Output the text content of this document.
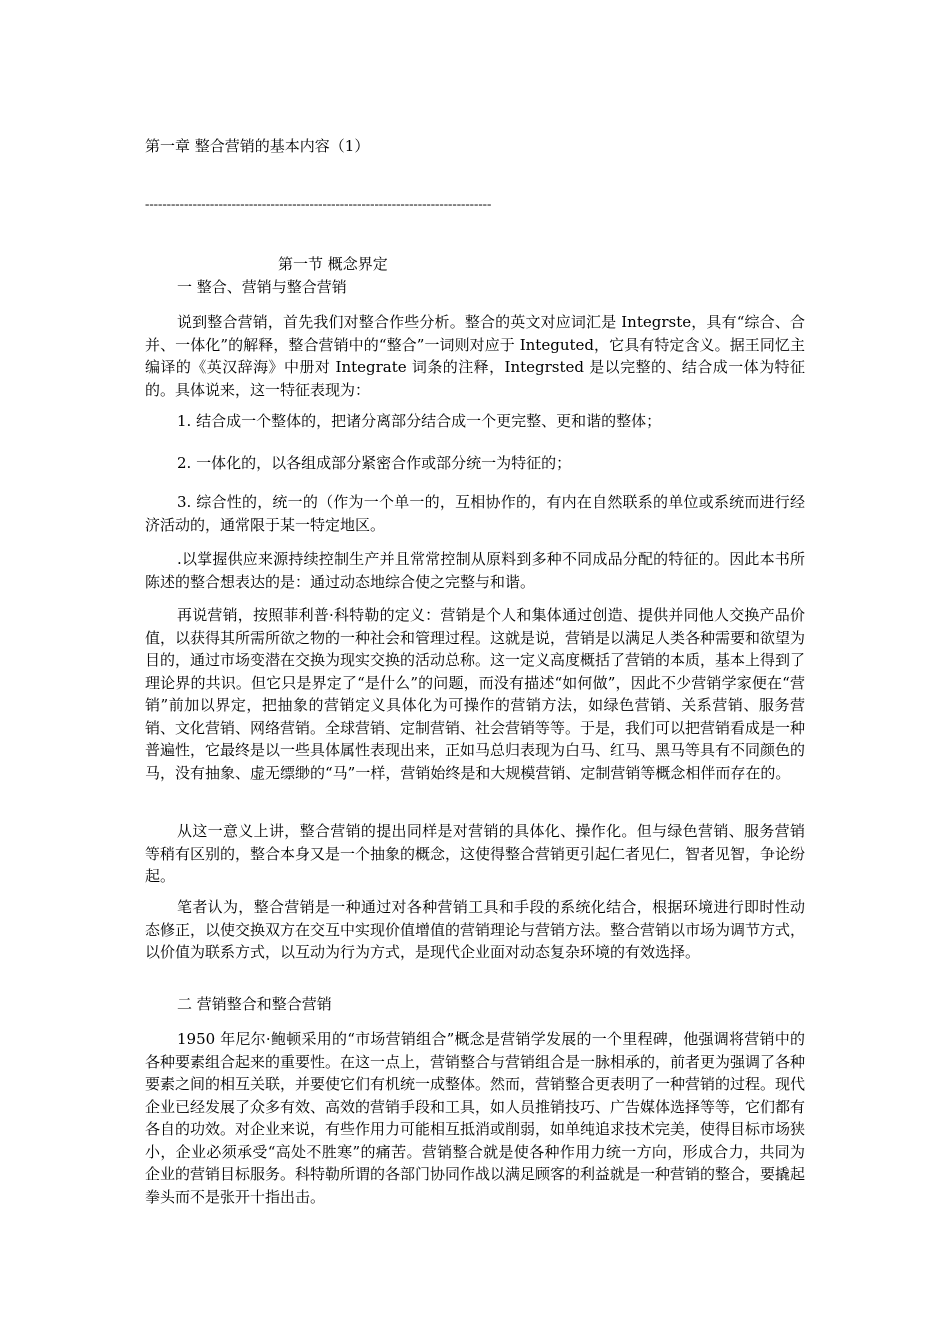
第一章 整合营销的基本内容（1）
--------------------------------------------------------------------------------
第一节 概念界定
一 整合、营销与整合营销

说到整合营销，首先我们对整合作些分析。整合的英文对应词汇是 Integrste，具有“综合、合并、一体化”的解释，整合营销中的“整合”一词则对应于 Integuted，它具有特定含义。据王同忆主编译的《英汉辞海》中册对 Integrate 词条的注释，Integrsted 是以完整的、结合成一体为特征的。具体说来，这一特征表现为：

1. 结合成一个整体的，把诸分离部分结合成一个更完整、更和谐的整体；

2. 一体化的，以各组成部分紧密合作或部分统一为特征的；

3. 综合性的，统一的（作为一个单一的，互相协作的，有内在自然联系的单位或系统而进行经济活动的，通常限于某一特定地区。

.以掌握供应来源持续控制生产并且常常控制从原料到多种不同成品分配的特征的。因此本书所陈述的整合想表达的是：通过动态地综合使之完整与和谐。

再说营销，按照菲利普·科特勒的定义：营销是个人和集体通过创造、提供并同他人交换产品价值，以获得其所需所欲之物的一种社会和管理过程。这就是说，营销是以满足人类各种需要和欲望为目的，通过市场变潜在交换为现实交换的活动总称。这一定义高度概括了营销的本质，基本上得到了理论界的共识。但它只是界定了“是什么”的问题，而没有描述“如何做”，因此不少营销学家便在“营销”前加以界定，把抽象的营销定义具体化为可操作的营销方法，如绿色营销、关系营销、服务营销、文化营销、网络营销。全球营销、定制营销、社会营销等等。于是，我们可以把营销看成是一种普遍性，它最终是以一些具体属性表现出来，正如马总归表现为白马、红马、黑马等具有不同颜色的马，没有抽象、虚无缥缈的“马”一样，营销始终是和大规模营销、定制营销等概念相伴而存在的。

从这一意义上讲，整合营销的提出同样是对营销的具体化、操作化。但与绿色营销、服务营销等稍有区别的，整合本身又是一个抽象的概念，这使得整合营销更引起仁者见仁，智者见智，争论纷起。

笔者认为，整合营销是一种通过对各种营销工具和手段的系统化结合，根据环境进行即时性动态修正，以使交换双方在交互中实现价值增值的营销理论与营销方法。整合营销以市场为调节方式，以价值为联系方式，以互动为行为方式，是现代企业面对动态复杂环境的有效选择。

二 营销整合和整合营销

1950 年尼尔·鲍顿采用的“市场营销组合”概念是营销学发展的一个里程碑，他强调将营销中的各种要素组合起来的重要性。在这一点上，营销整合与营销组合是一脉相承的，前者更为强调了各种要素之间的相互关联，并要使它们有机统一成整体。然而，营销整合更表明了一种营销的过程。现代企业已经发展了众多有效、高效的营销手段和工具，如人员推销技巧、广告媒体选择等等，它们都有各自的功效。对企业来说，有些作用力可能相互抵消或削弱，如单纯追求技术完美，使得目标市场狭小，企业必须承受“高处不胜寒”的痛苦。营销整合就是使各种作用力统一方向，形成合力，共同为企业的营销目标服务。科特勒所谓的各部门协同作战以满足顾客的利益就是一种营销的整合，要撬起拳头而不是张开十指出击。
